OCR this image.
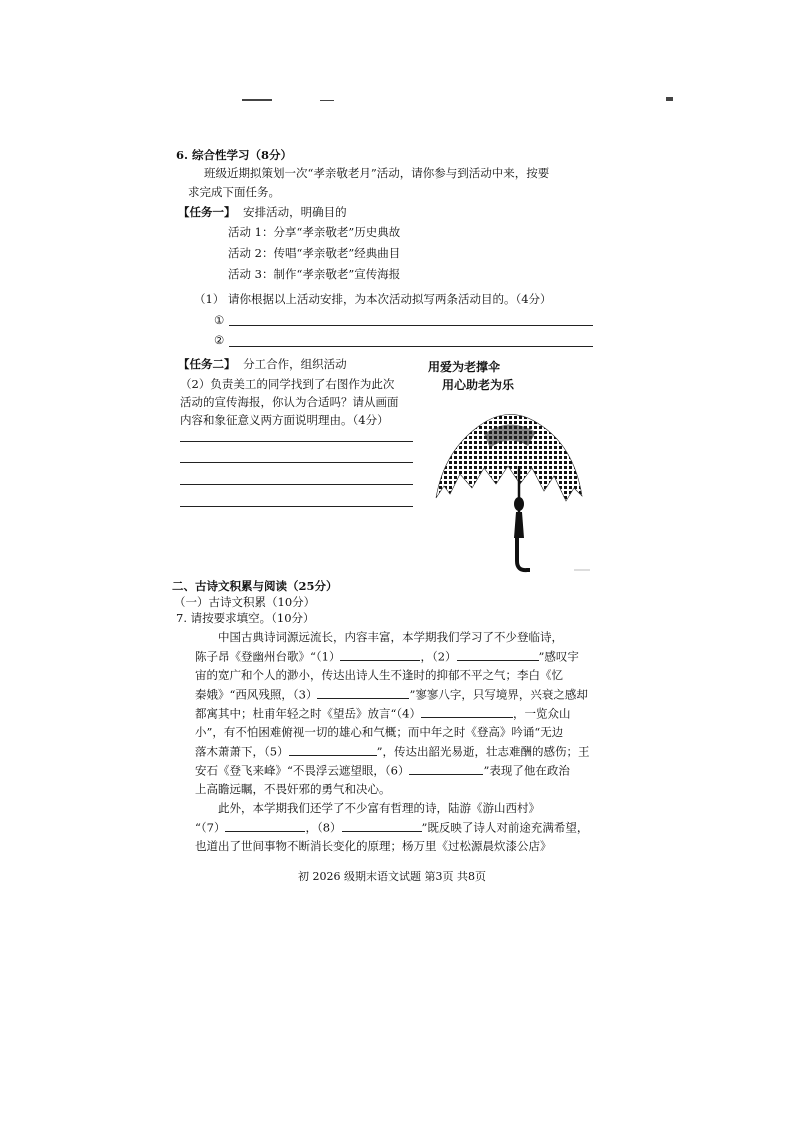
6. 综合性学习（8分）
班级近期拟策划一次“孝亲敬老月”活动，请你参与到活动中来，按要
求完成下面任务。
【任务一】 安排活动，明确目的
活动 1：分享“孝亲敬老”历史典故
活动 2：传唱“孝亲敬老”经典曲目
活动 3：制作“孝亲敬老”宣传海报
（1） 请你根据以上活动安排，为本次活动拟写两条活动目的。（4分）
①
②
【任务二】 分工合作，组织活动
（2）负责美工的同学找到了右图作为此次
活动的宣传海报，你认为合适吗？请从画面
内容和象征意义两方面说明理由。（4分）
用爱为老撑伞
用心助老为乐
二、古诗文积累与阅读（25分）
（一）古诗文积累（10分）
7. 请按要求填空。（10分）
中国古典诗词源远流长，内容丰富，本学期我们学习了不少登临诗，
陈子昂《登幽州台歌》“（1）	，（2）	”感叹宇
宙的宽广和个人的渺小，传达出诗人生不逢时的抑郁不平之气；李白《忆
秦娥》“西风残照，（3）	”寥寥八字，只写境界，兴衰之感却
都寓其中；杜甫年轻之时《望岳》放言“（4）	，一览众山
小”，有不怕困难俯视一切的雄心和气概；而中年之时《登高》吟诵“无边
落木萧萧下，（5）	”，传达出韶光易逝，壮志难酬的感伤；王
安石《登飞来峰》“不畏浮云遮望眼，（6）	”表现了他在政治
上高瞻远瞩，不畏奸邪的勇气和决心。
此外，本学期我们还学了不少富有哲理的诗，陆游《游山西村》
“（7）	，（8）	”既反映了诗人对前途充满希望，
也道出了世间事物不断消长变化的原理；杨万里《过松源晨炊漆公店》
初 2026 级期末语文试题 第3页 共8页
